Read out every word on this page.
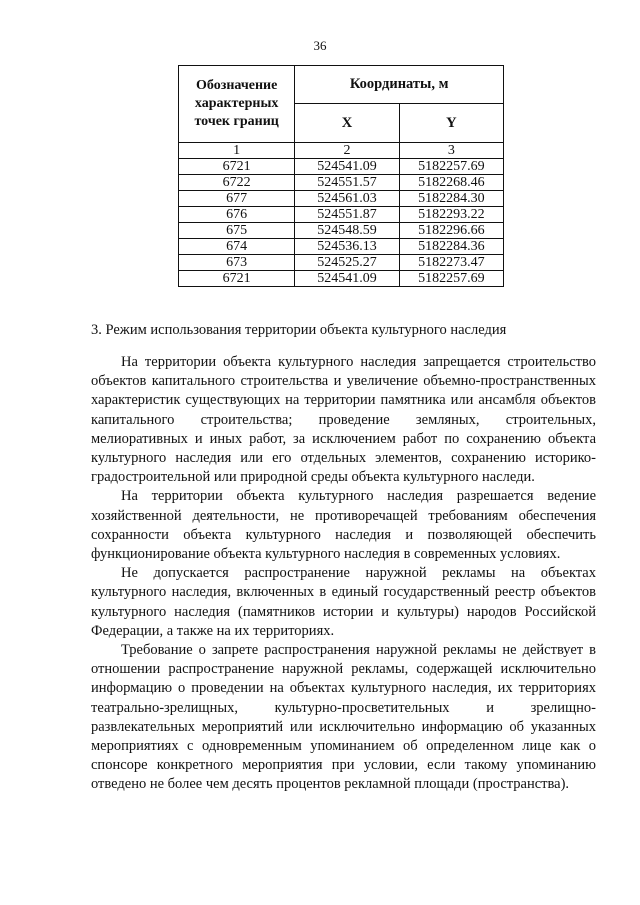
36
Обозначение
характерных
точек границ	Координаты, м	
	X	Y
1	2	3
6721	524541.09	5182257.69
6722	524551.57	5182268.46
677	524561.03	5182284.30
676	524551.87	5182293.22
675	524548.59	5182296.66
674	524536.13	5182284.36
673	524525.27	5182273.47
6721	524541.09	5182257.69
3. Режим использования территории объекта культурного наследия

На территории объекта культурного наследия запрещается строительство объектов капитального строительства и увеличение объемно-пространственных характеристик существующих на территории памятника или ансамбля объектов капитального строительства; проведение земляных, строительных, мелиоративных и иных работ, за исключением работ по сохранению объекта культурного наследия или его отдельных элементов, сохранению историко-градостроительной или природной среды объекта культурного наследи.

На территории объекта культурного наследия разрешается ведение хозяйственной деятельности, не противоречащей требованиям обеспечения сохранности объекта культурного наследия и позволяющей обеспечить функционирование объекта культурного наследия в современных условиях.

Не допускается распространение наружной рекламы на объектах культурного наследия, включенных в единый государственный реестр объектов культурного наследия (памятников истории и культуры) народов Российской Федерации, а также на их территориях.

Требование о запрете распространения наружной рекламы не действует в отношении распространение наружной рекламы, содержащей исключительно информацию о проведении на объектах культурного наследия, их территориях театрально-зрелищных, культурно-просветительных и зрелищно-развлекательных мероприятий или исключительно информацию об указанных мероприятиях с одновременным упоминанием об определенном лице как о спонсоре конкретного мероприятия при условии, если такому упоминанию отведено не более чем десять процентов рекламной площади (пространства).
